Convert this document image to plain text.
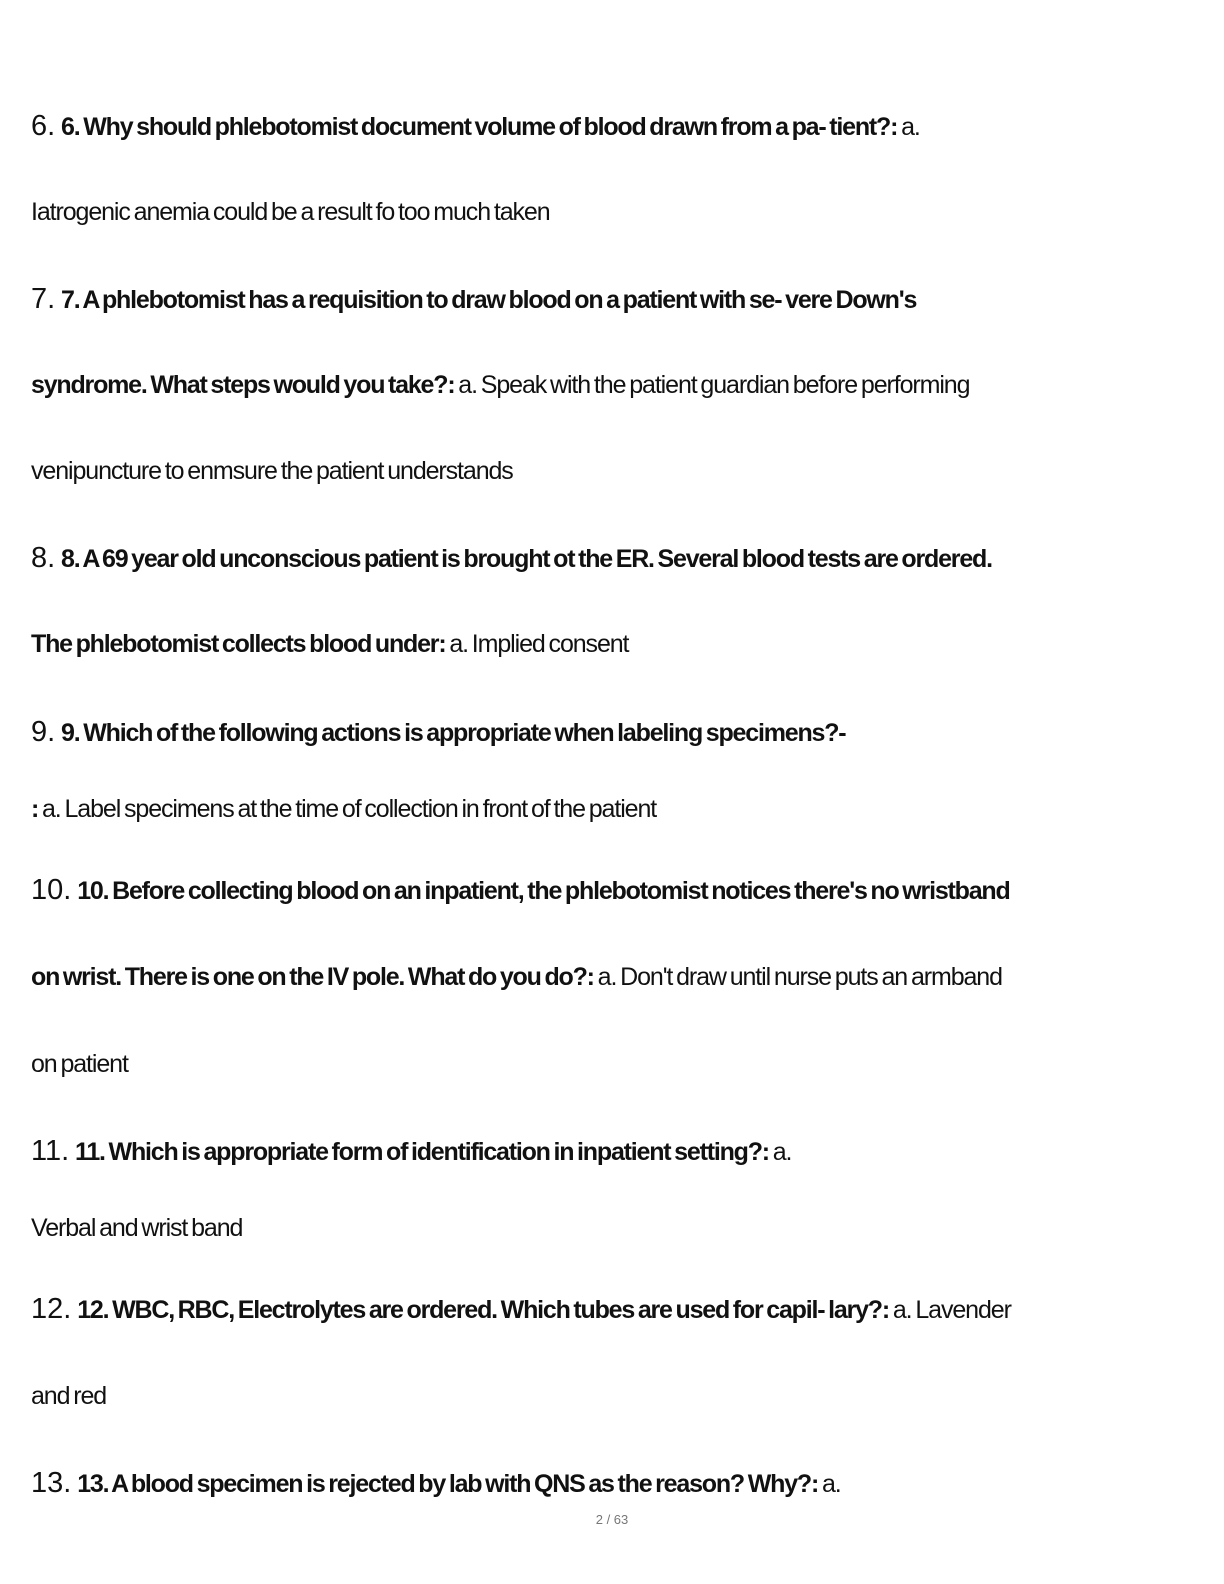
6. 6. Why should phlebotomist document volume of blood drawn from a pa- tient?: a.
Iatrogenic anemia could be a result fo too much taken
7. 7. A phlebotomist has a requisition to draw blood on a patient with se- vere Down's
syndrome. What steps would you take?: a. Speak with the patient guardian before performing
venipuncture to enmsure the patient understands
8. 8. A 69 year old unconscious patient is brought ot the ER. Several blood tests are ordered.
The phlebotomist collects blood under: a. Implied consent
9. 9. Which of the following actions is appropriate when labeling specimens?-
: a. Label specimens at the time of collection in front of the patient
10. 10. Before collecting blood on an inpatient, the phlebotomist notices there's no wristband
on wrist. There is one on the IV pole. What do you do?: a. Don't draw until nurse puts an armband
on patient
11. 11. Which is appropriate form of identification in inpatient setting?: a.
Verbal and wrist band
12. 12. WBC, RBC, Electrolytes are ordered. Which tubes are used for capil- lary?: a. Lavender
and red
13. 13. A blood specimen is rejected by lab with QNS as the reason? Why?: a.
2 / 63
